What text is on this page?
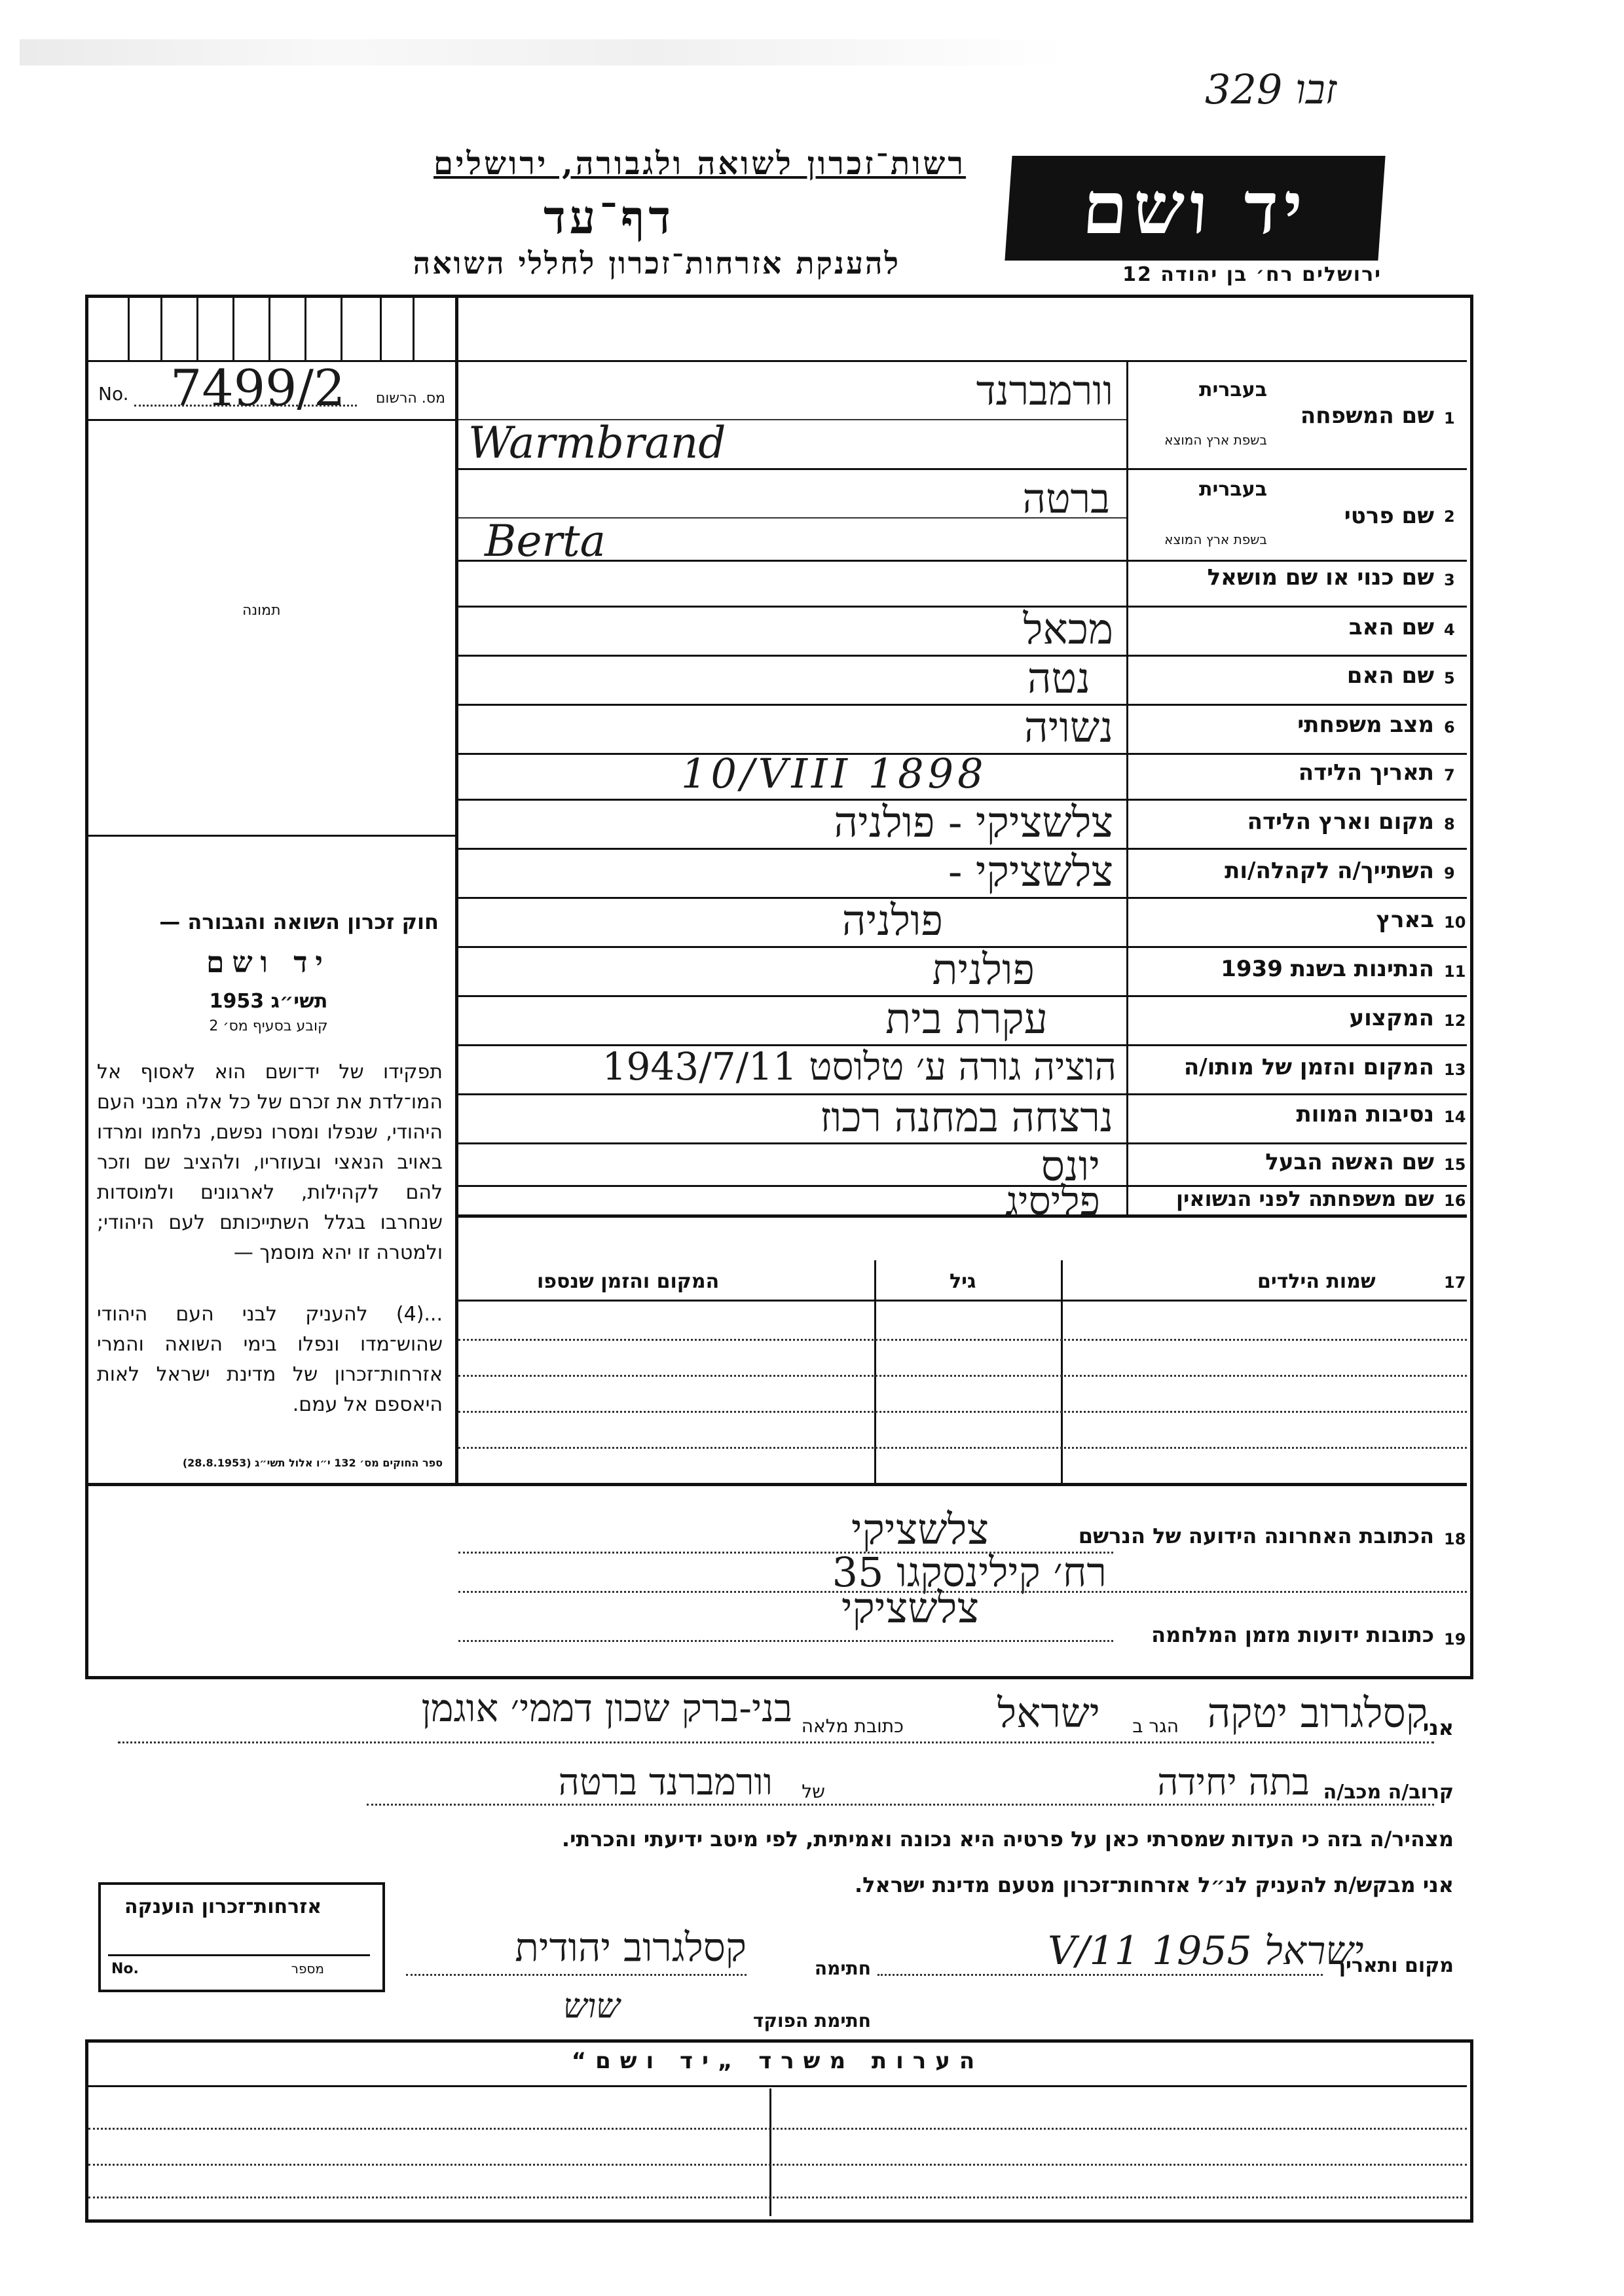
329 זבו
רשות־זכרון לשואה ולגבורה, ירושלים
דף־עד
להענקת אזרחות־זכרון לחללי השואה
יד ושם
ירושלים רח׳ בן יהודה 12
No. 7499/2 מס. הרשום
תמונה
חוק זכרון השואה והגבורה —
יד ושם
תשי״ג 1953
קובע בסעיף מס׳ 2
תפקידו של יד־ושם הוא לאסוף אל המו־לדת את זכרם של כל אלה מבני העם היהודי, שנפלו ומסרו נפשם, נלחמו ומרדו באויב הנאצי ובעוזריו, ולהציב שם וזכר להם לקהילות, לארגונים ולמוסדות שנחרבו בגלל השתייכותם לעם היהודי; ולמטרה זו יהא מוסמך —
...(4) להעניק לבני העם היהודי שהוש־מדו ונפלו בימי השואה והמרי אזרחות־זכרון של מדינת ישראל לאות היאספם אל עמם.
ספר החוקים מס׳ 132 י״ו אלול תשי״ג (28.8.1953)
1
שם המשפחה
בעברית
בשפת ארץ המוצא
וורמברנד
Warmbrand
2
שם פרטי
בעברית
בשפת ארץ המוצא
ברטה
Berta
3
שם כנוי או שם מושאל
4
שם האב
מכאל
5
שם האם
נטה
6
מצב משפחתי
נשויה
7
תאריך הלידה
10/VIII 1898
8
מקום וארץ הלידה
צלשציקי - פולניה
9
השתייך/ה לקהלה/ות
צלשציקי -
10
בארץ
פולניה
11
הנתינות בשנת 1939
פולנית
12
המקצוע
עקרת בית
13
המקום והזמן של מותו/ה
הוציה גורה ע׳ טלוסט 1943/7/11
14
נסיבות המוות
נרצחה במחנה רכוז
15
שם האשה הבעל
יונס
16
שם משפחתה לפני הנשואין
פליסיג
17
שמות הילדים
גיל
המקום והזמן שנספו
18
הכתובת האחרונה הידועה של הנרשם
צלשציקי
רח׳ קילינסקגו 35
צלשציקי
19
כתובות ידועות מזמן המלחמה
אני
קסלגרוב יטקה
הגר ב
ישראל
כתובת מלאה
בני-ברק שכון דממי׳ אוגמן
קרוב/ה מכב/ה
בתה יחידה
של
וורמברנד ברטה
מצהיר/ה בזה כי העדות שמסרתי כאן על פרטיה היא נכונה ואמיתית, לפי מיטב ידיעתי והכרתי.
אני מבקש/ת להעניק לנ״ל אזרחות־זכרון מטעם מדינת ישראל.
אזרחות־זכרון הוענקה
No.	מספר	מקום ותאריך
ישראל 1955 V/11
חתימה
קסלגרוב יהודית
שוש	חתימת הפוקד
הערות משרד „יד ושם“
